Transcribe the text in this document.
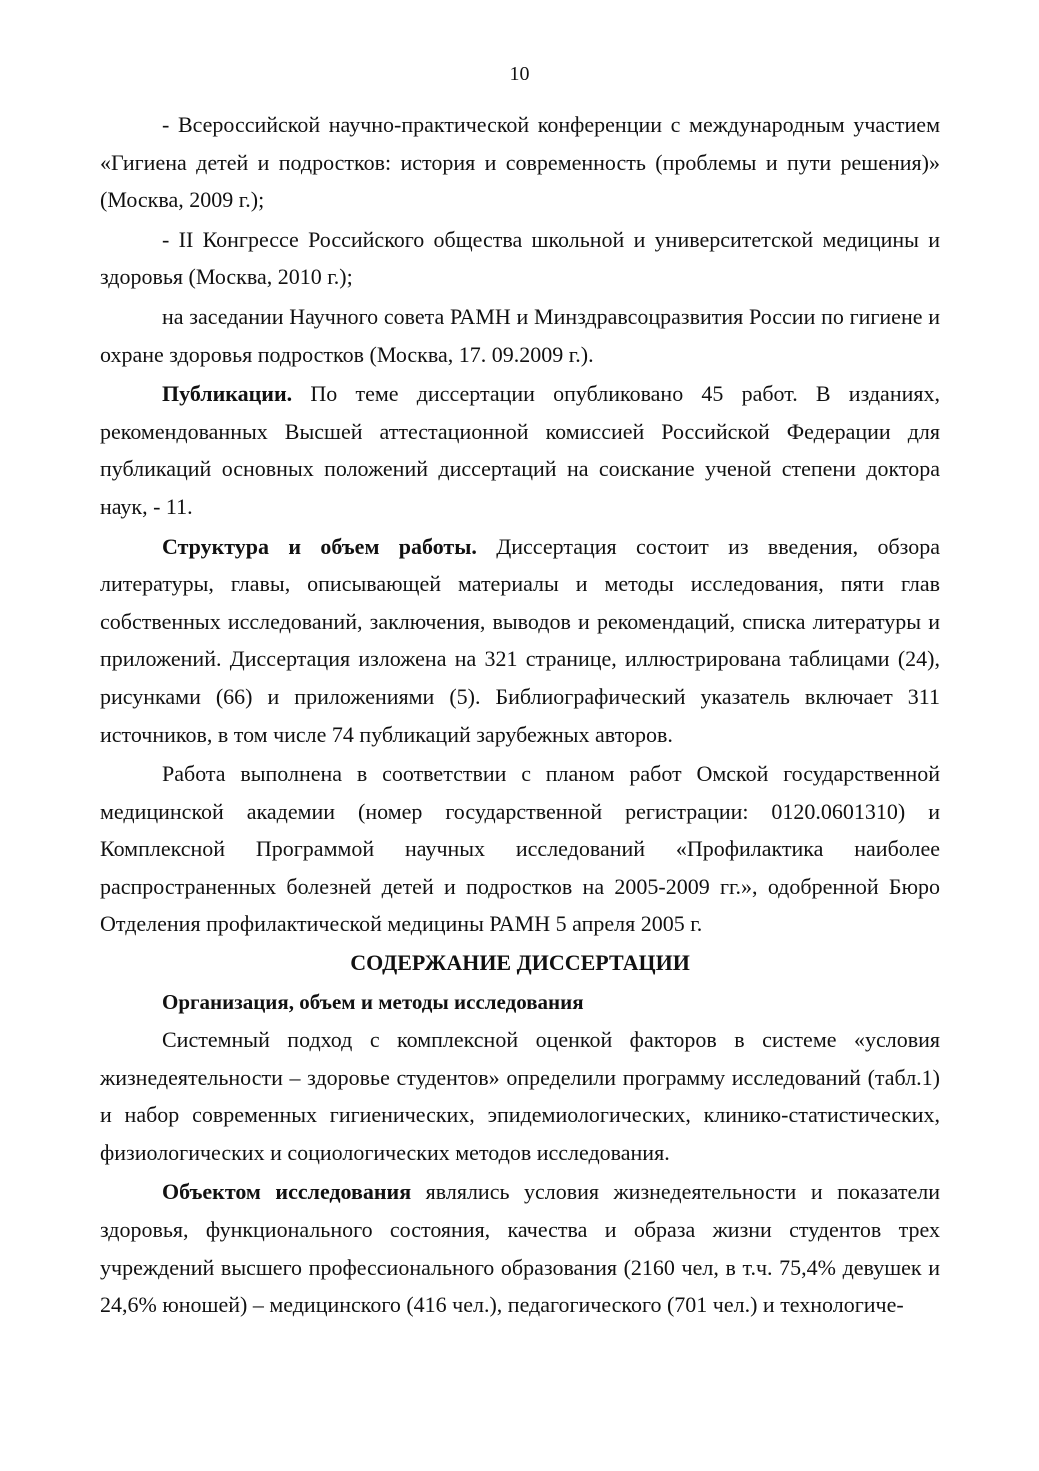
10

- Всероссийской научно-практической конференции с международным участием «Гигиена детей и подростков: история и современность (проблемы и пути решения)» (Москва, 2009 г.);

- II Конгрессе Российского общества школьной и университетской медицины и здоровья (Москва, 2010 г.);

на заседании Научного совета РАМН и Минздравсоцразвития России по гигиене и охране здоровья подростков (Москва, 17. 09.2009 г.).

Публикации. По теме диссертации опубликовано 45 работ. В изданиях, рекомендованных Высшей аттестационной комиссией Российской Федерации для публикаций основных положений диссертаций на соискание ученой степени доктора наук, - 11.

Структура и объем работы. Диссертация состоит из введения, обзора литературы, главы, описывающей материалы и методы исследования, пяти глав собственных исследований, заключения, выводов и рекомендаций, списка литературы и приложений. Диссертация изложена на 321 странице, иллюстрирована таблицами (24), рисунками (66) и приложениями (5). Библиографический указатель включает 311 источников, в том числе 74 публикаций зарубежных авторов.

Работа выполнена в соответствии с планом работ Омской государственной медицинской академии (номер государственной регистрации: 0120.0601310) и Комплексной Программой научных исследований «Профилактика наиболее распространенных болезней детей и подростков на 2005-2009 гг.», одобренной Бюро Отделения профилактической медицины РАМН 5 апреля 2005 г.

СОДЕРЖАНИЕ ДИССЕРТАЦИИ

Организация, объем и методы исследования

Системный подход с комплексной оценкой факторов в системе «условия жизнедеятельности – здоровье студентов» определили программу исследований (табл.1) и набор современных гигиенических, эпидемиологических, клинико-статистических, физиологических и социологических методов исследования.

Объектом исследования являлись условия жизнедеятельности и показатели здоровья, функционального состояния, качества и образа жизни студентов трех учреждений высшего профессионального образования (2160 чел, в т.ч. 75,4% девушек и 24,6% юношей) – медицинского (416 чел.), педагогического (701 чел.) и технологиче-
